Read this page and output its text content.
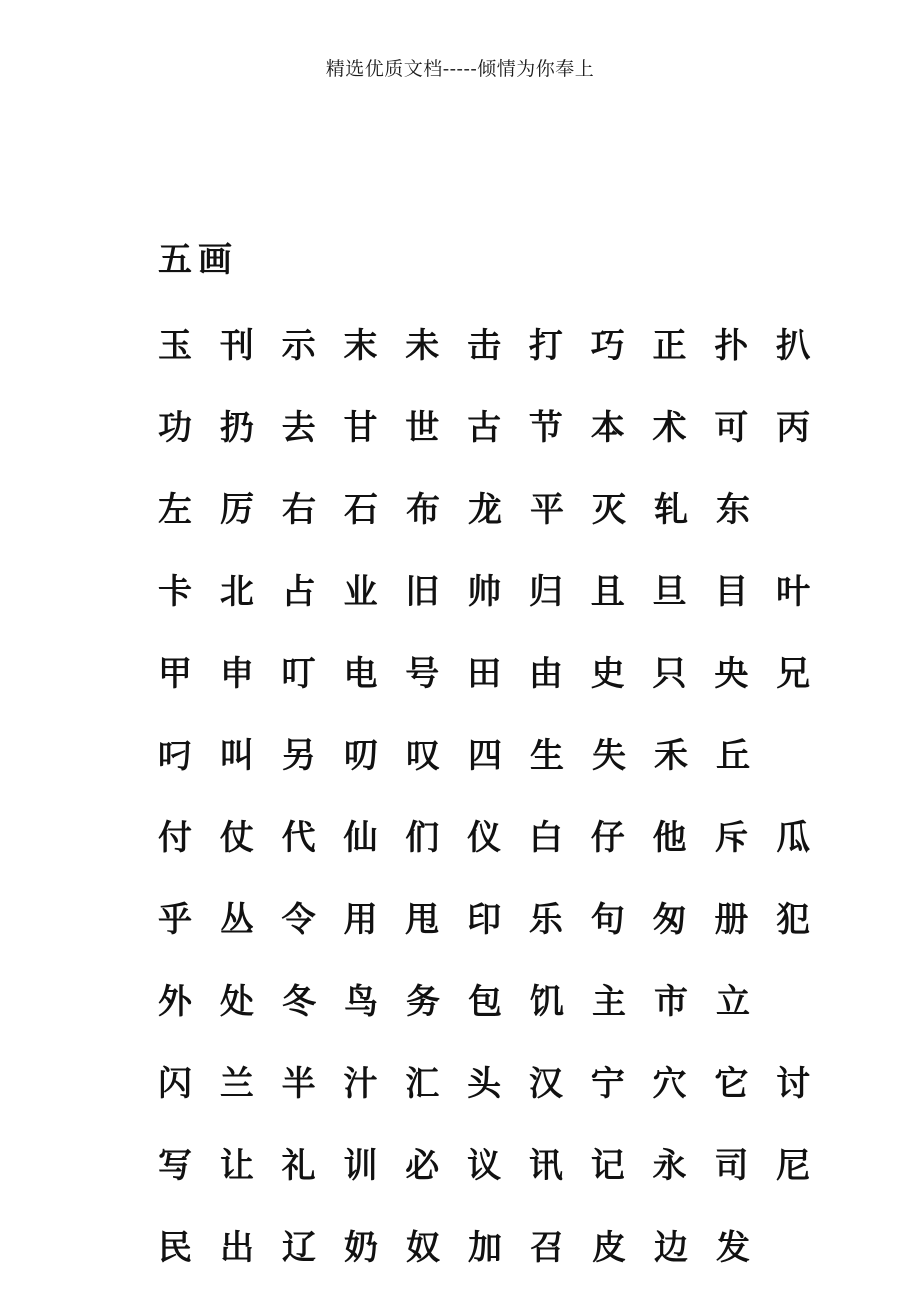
精选优质文档-----倾情为你奉上
五画
玉 刊 示 末 未 击 打 巧 正 扑 扒
功 扔 去 甘 世 古 节 本 术 可 丙
左 厉 右 石 布 龙 平 灭 轧 东
卡 北 占 业 旧 帅 归 且 旦 目 叶
甲 申 叮 电 号 田 由 史 只 央 兄
叼 叫 另 叨 叹 四 生 失 禾 丘
付 仗 代 仙 们 仪 白 仔 他 斥 瓜
乎 丛 令 用 甩 印 乐 句 匆 册 犯
外 处 冬 鸟 务 包 饥 主 市 立
闪 兰 半 汁 汇 头 汉 宁 穴 它 讨
写 让 礼 训 必 议 讯 记 永 司 尼
民 出 辽 奶 奴 加 召 皮 边 发
